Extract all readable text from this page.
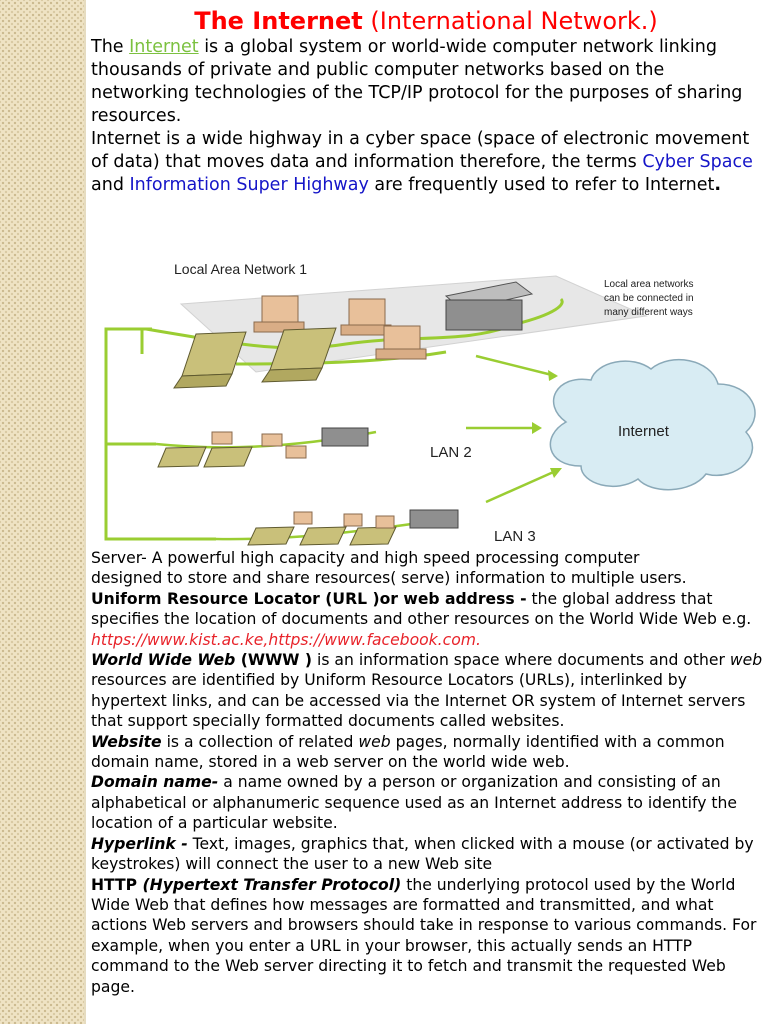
The Internet (International Network.)
The Internet is a global system or world-wide computer network linking thousands of private and public computer networks based on the networking technologies of the TCP/IP protocol for the purposes of sharing resources.
Internet is a wide highway in a cyber space (space of electronic movement of data) that moves data and information therefore, the terms Cyber Space and Information Super Highway are frequently used to refer to Internet.
Local Area Network 1
Local area networks
can be connected in
many different ways
Internet
LAN 2
LAN 3

Server- A powerful high capacity and high speed processing computer
designed to store and share resources( serve) information to multiple users.

Uniform Resource Locator (URL )or web address - the global address that specifies the location of documents and other resources on the World Wide Web e.g. https://www.kist.ac.ke,https://www.facebook.com.

World Wide Web (WWW ) is an information space where documents and other web resources are identified by Uniform Resource Locators (URLs), interlinked by hypertext links, and can be accessed via the Internet OR system of Internet servers that support specially formatted documents called websites.

Website is a collection of related web pages, normally identified with a common domain name, stored in a web server on the world wide web.

Domain name- a name owned by a person or organization and consisting of an alphabetical or alphanumeric sequence used as an Internet address to identify the location of a particular website.

Hyperlink - Text, images, graphics that, when clicked with a mouse (or activated by keystrokes) will connect the user to a new Web site

HTTP (Hypertext Transfer Protocol) the underlying protocol used by the World Wide Web that defines how messages are formatted and transmitted, and what actions Web servers and browsers should take in response to various commands. For example, when you enter a URL in your browser, this actually sends an HTTP command to the Web server directing it to fetch and transmit the requested Web page.
